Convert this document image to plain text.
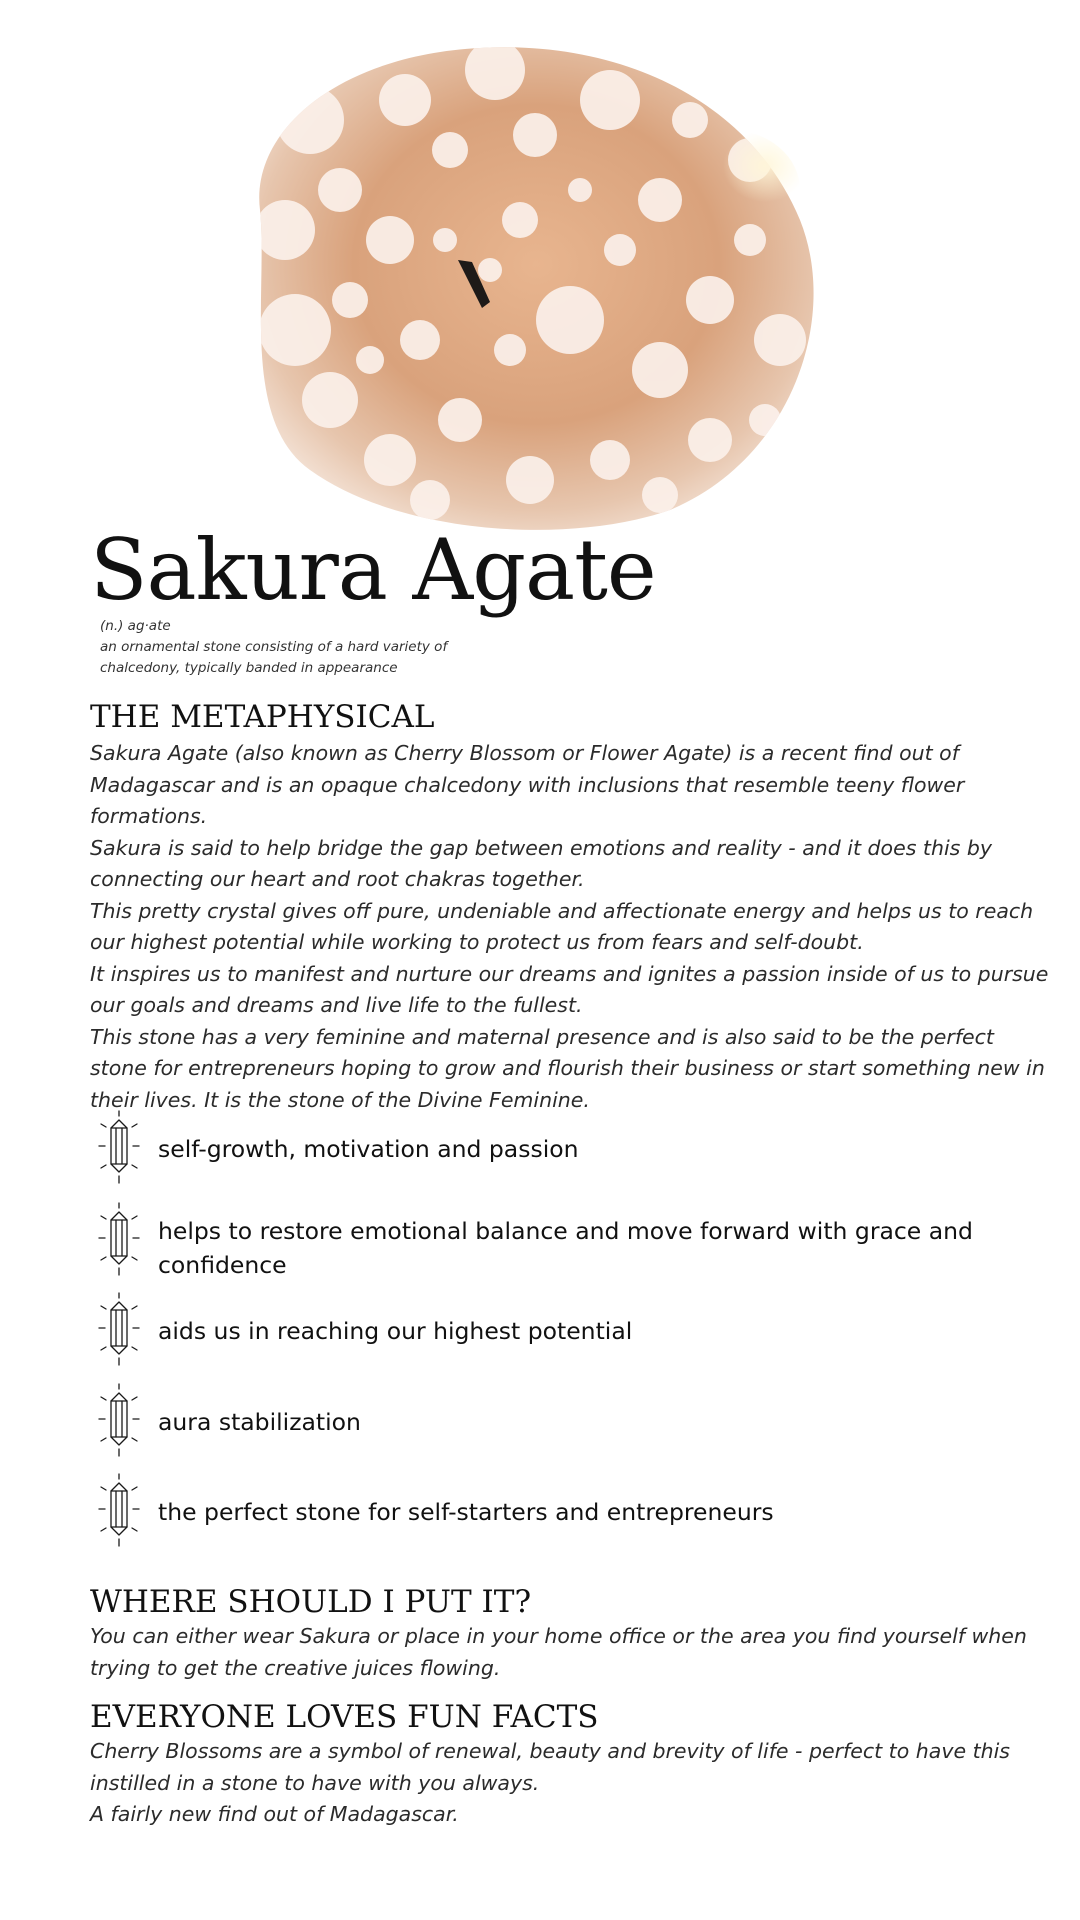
Sakura Agate
(n.) ag·ate
an ornamental stone consisting of a hard variety of
chalcedony, typically banded in appearance
THE METAPHYSICAL

Sakura Agate (also known as Cherry Blossom or Flower Agate) is a recent find out of Madagascar and is an opaque chalcedony with inclusions that resemble teeny flower formations.

Sakura is said to help bridge the gap between emotions and reality - and it does this by connecting our heart and root chakras together.

This pretty crystal gives off pure, undeniable and affectionate energy and helps us to reach our highest potential while working to protect us from fears and self-doubt.

It inspires us to manifest and nurture our dreams and ignites a passion inside of us to pursue our goals and dreams and live life to the fullest.

This stone has a very feminine and maternal presence and is also said to be the perfect stone for entrepreneurs hoping to grow and flourish their business or start something new in their lives. It is the stone of the Divine Feminine.

self-growth, motivation and passion
helps to restore emotional balance and move forward with grace and confidence
aids us in reaching our highest potential
aura stabilization
the perfect stone for self-starters and entrepreneurs
WHERE SHOULD I PUT IT?

You can either wear Sakura or place in your home office or the area you find yourself when trying to get the creative juices flowing.

EVERYONE LOVES FUN FACTS

Cherry Blossoms are a symbol of renewal, beauty and brevity of life - perfect to have this instilled in a stone to have with you always.

A fairly new find out of Madagascar.
